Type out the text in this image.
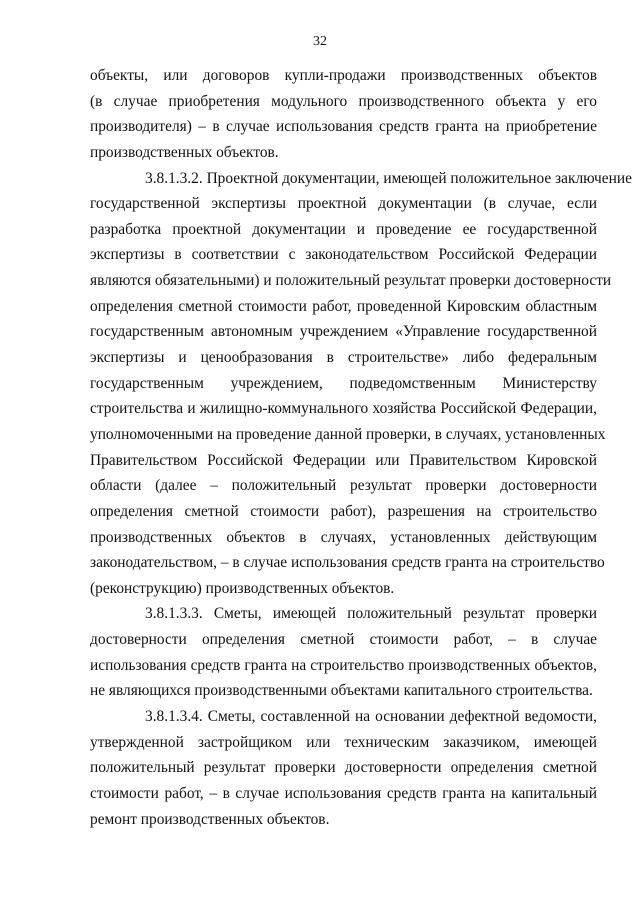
32
объекты, или договоров купли-продажи производственных объектов
(в случае приобретения модульного производственного объекта у его
производителя) – в случае использования средств гранта на приобретение
производственных объектов.
3.8.1.3.2. Проектной документации, имеющей положительное заключение
государственной экспертизы проектной документации (в случае, если
разработка проектной документации и проведение ее государственной
экспертизы в соответствии с законодательством Российской Федерации
являются обязательными) и положительный результат проверки достоверности
определения сметной стоимости работ, проведенной Кировским областным
государственным автономным учреждением «Управление государственной
экспертизы и ценообразования в строительстве» либо федеральным
государственным учреждением, подведомственным Министерству
строительства и жилищно-коммунального хозяйства Российской Федерации,
уполномоченными на проведение данной проверки, в случаях, установленных
Правительством Российской Федерации или Правительством Кировской
области (далее – положительный результат проверки достоверности
определения сметной стоимости работ), разрешения на строительство
производственных объектов в случаях, установленных действующим
законодательством, – в случае использования средств гранта на строительство
(реконструкцию) производственных объектов.
3.8.1.3.3. Сметы, имеющей положительный результат проверки
достоверности определения сметной стоимости работ, – в случае
использования средств гранта на строительство производственных объектов,
не являющихся производственными объектами капитального строительства.
3.8.1.3.4. Сметы, составленной на основании дефектной ведомости,
утвержденной застройщиком или техническим заказчиком, имеющей
положительный результат проверки достоверности определения сметной
стоимости работ, – в случае использования средств гранта на капитальный
ремонт производственных объектов.
